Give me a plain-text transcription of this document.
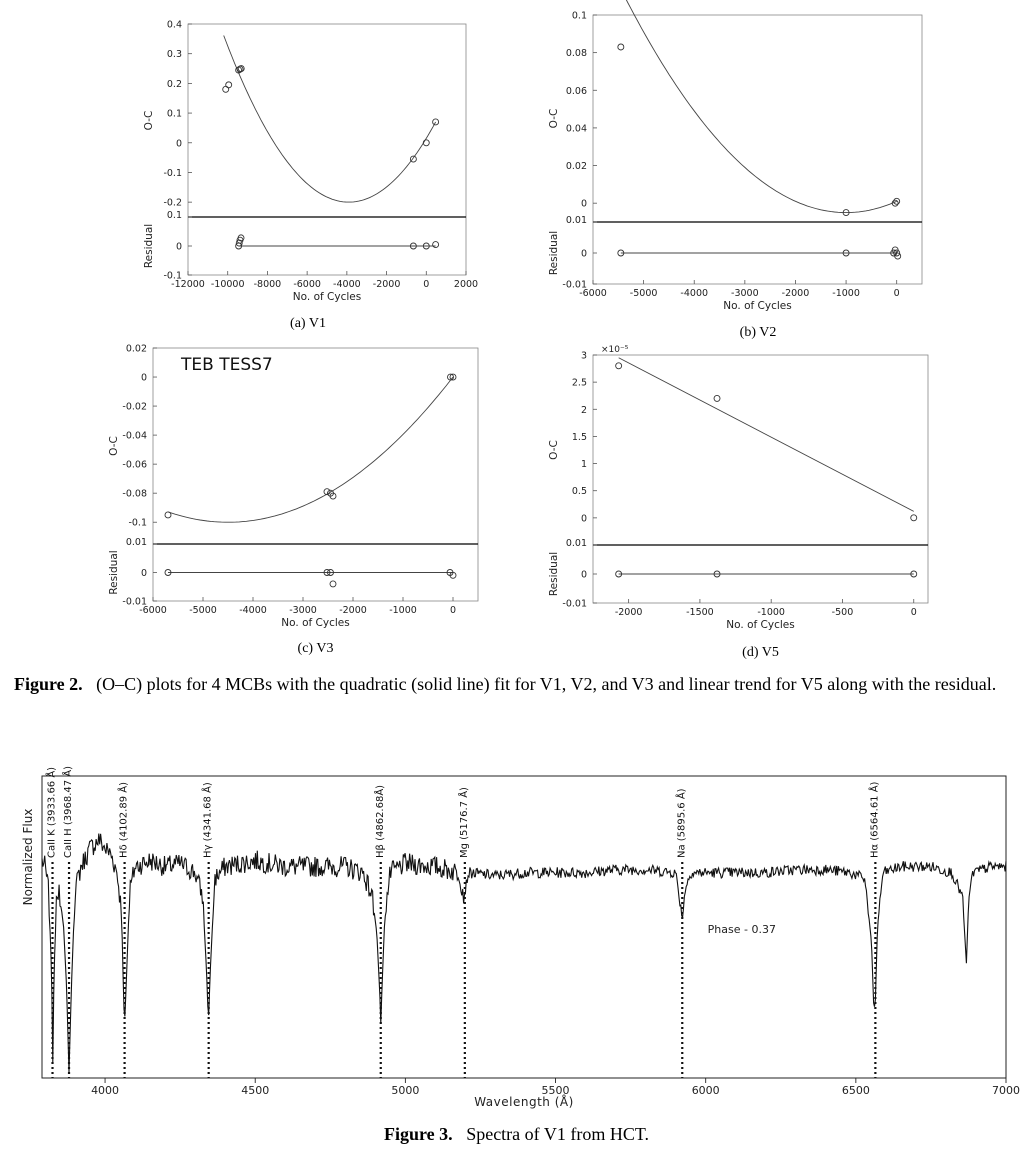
-12000 -10000 -8000 -6000 -4000 -2000 0	2000
-0.2
-0.1
0
0.1
0.2
0.3
0.4
-0.1
0
0.1
No. of Cycles
O-C
Residual
-6000 -5000 -4000 -3000 -2000 -1000	0
0
0.02
0.04
0.06
0.08
0.1
-0.01
0
0.01
No. of Cycles
O-C
Residual
-6000 -5000 -4000 -3000 -2000 -1000	0
-0.1
-0.08
-0.06
-0.04
-0.02
0
0.02
-0.01
0
0.01
No. of Cycles
O-C
Residual
TEB TESS7
-2000	-1500	-1000	-500	0
0
0.5
1
1.5
2
2.5
3
-0.01
0
0.01
No. of Cycles
O-C
Residual
×10⁻⁵
4000	4500	5000	5500	6000	6500	7000
Wavelength (Å)
Normalized Flux CaII K (3933.66 Å) CaII H (3968.47 Å)	Hδ (4102.89 Å)	Hγ (4341.68 Å)	Hβ (4862.68Å)	Mg (5176.7 Å)	Na (5895.6 Å)	Hα (6564.61 Å)
Phase - 0.37
(a) V1
(b) V2
(c) V3	(d) V5
Figure 2. (O–C) plots for 4 MCBs with the quadratic (solid line) fit for V1, V2, and V3 and linear trend for V5 along with the residual.
Figure 3. Spectra of V1 from HCT.
